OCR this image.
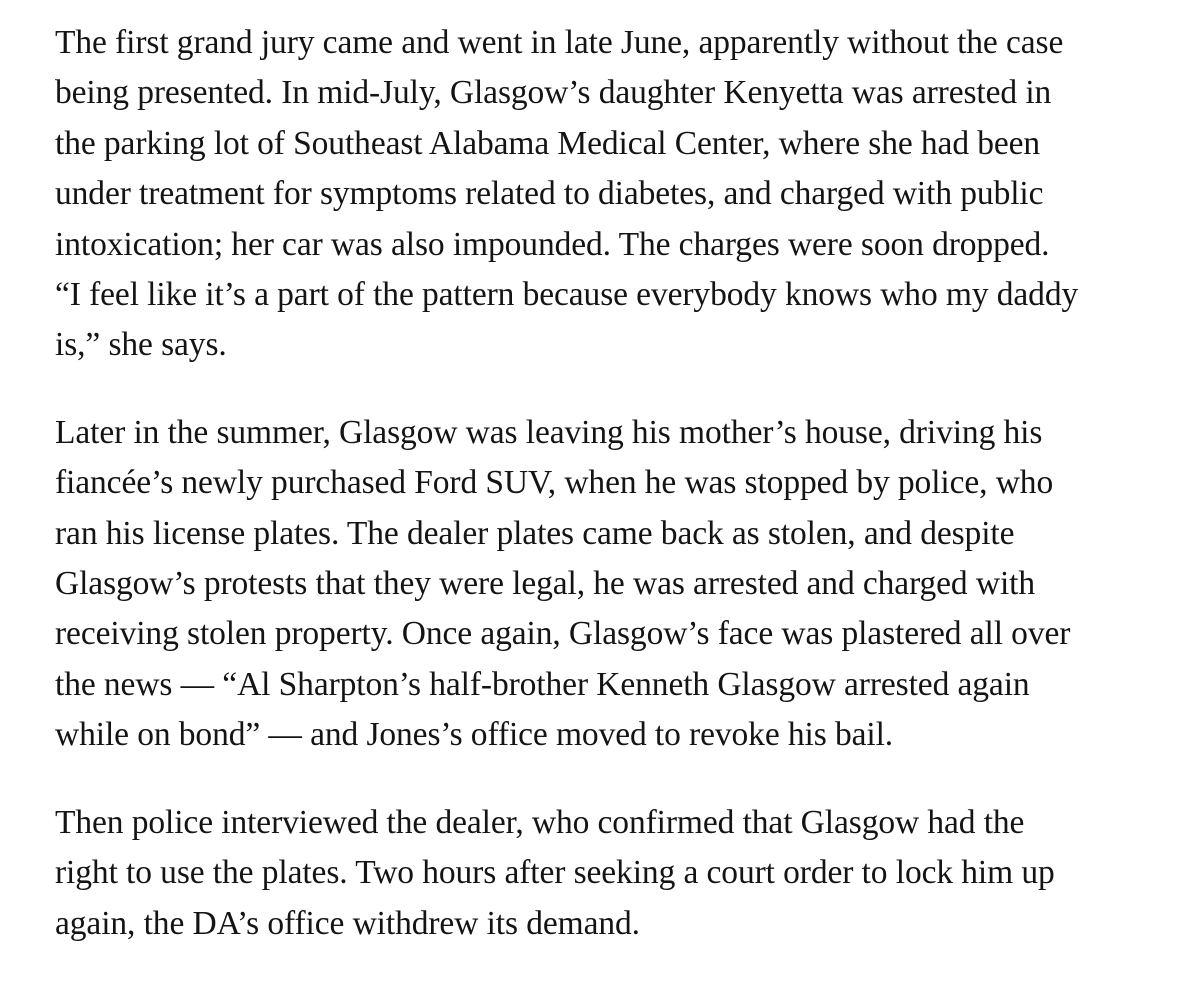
The first grand jury came and went in late June, apparently without the case
being presented. In mid-July, Glasgow’s daughter Kenyetta was arrested in
the parking lot of Southeast Alabama Medical Center, where she had been
under treatment for symptoms related to diabetes, and charged with public
intoxication; her car was also impounded. The charges were soon dropped.
“I feel like it’s a part of the pattern because everybody knows who my daddy
is,” she says.

Later in the summer, Glasgow was leaving his mother’s house, driving his
fiancée’s newly purchased Ford SUV, when he was stopped by police, who
ran his license plates. The dealer plates came back as stolen, and despite
Glasgow’s protests that they were legal, he was arrested and charged with
receiving stolen property. Once again, Glasgow’s face was plastered all over
the news — “Al Sharpton’s half-brother Kenneth Glasgow arrested again
while on bond” — and Jones’s office moved to revoke his bail.

Then police interviewed the dealer, who confirmed that Glasgow had the
right to use the plates. Two hours after seeking a court order to lock him up
again, the DA’s office withdrew its demand.
